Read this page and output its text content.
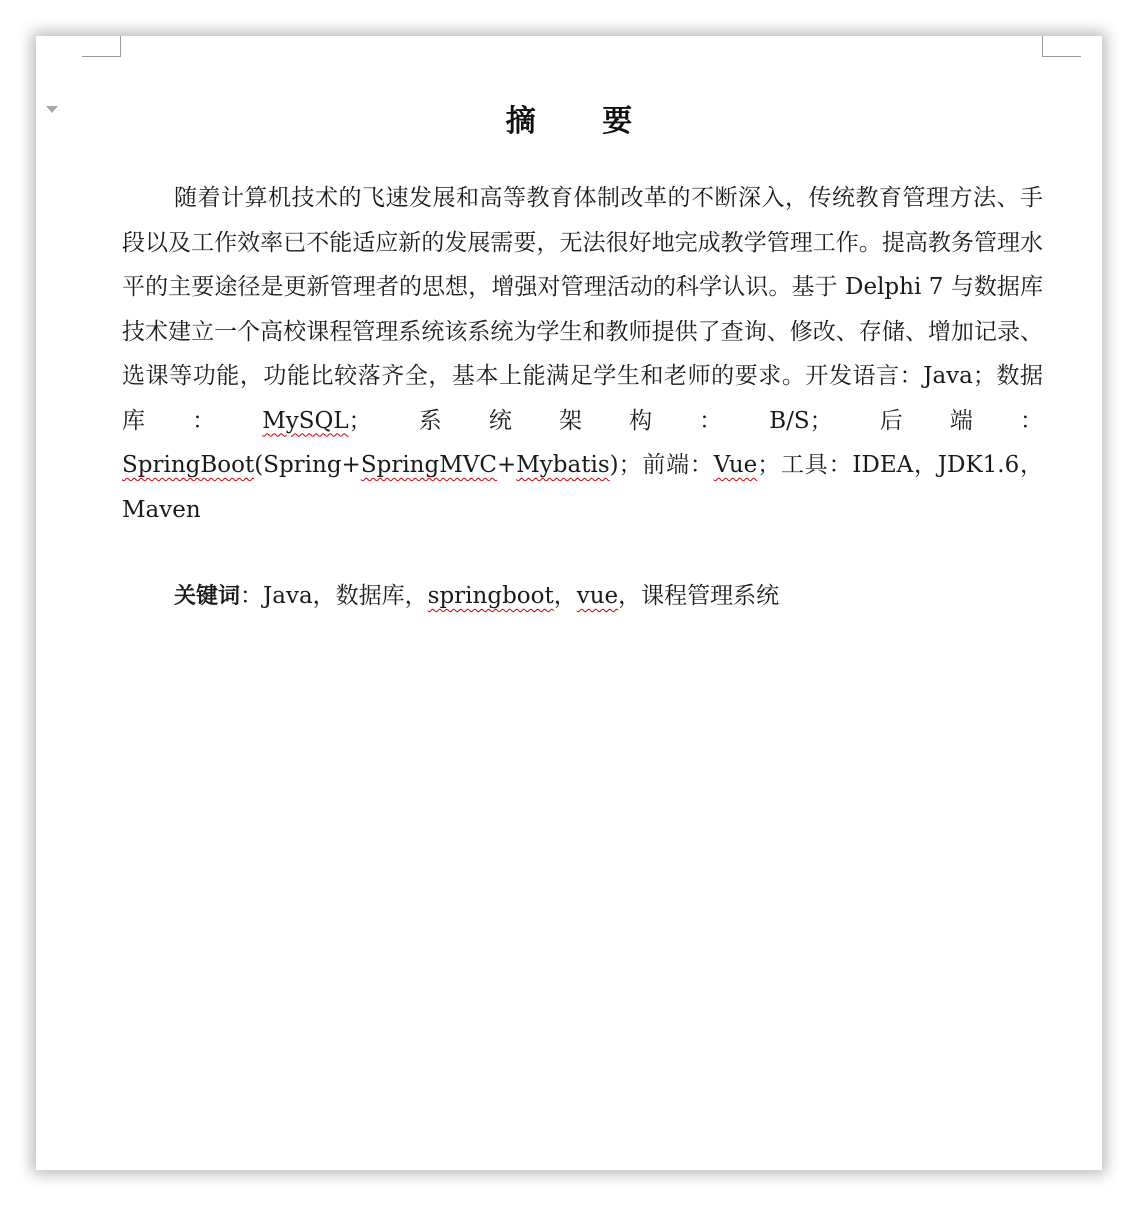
摘 要

随着计算机技术的飞速发展和高等教育体制改革的不断深入，传统教育管理方法、手段以及工作效率已不能适应新的发展需要，无法很好地完成教学管理工作。提高教务管理水平的主要途径是更新管理者的思想，增强对管理活动的科学认识。基于 Delphi 7 与数据库技术建立一个高校课程管理系统该系统为学生和教师提供了查询、修改、存储、增加记录、选课等功能，功能比较落齐全，基本上能满足学生和老师的要求。开发语言：Java；数据库：MySQL；系统架构：B/S；后端：SpringBoot(Spring+SpringMVC+Mybatis)；前端：Vue；工具：IDEA，JDK1.6，Maven

关键词：Java，数据库，springboot，vue，课程管理系统
